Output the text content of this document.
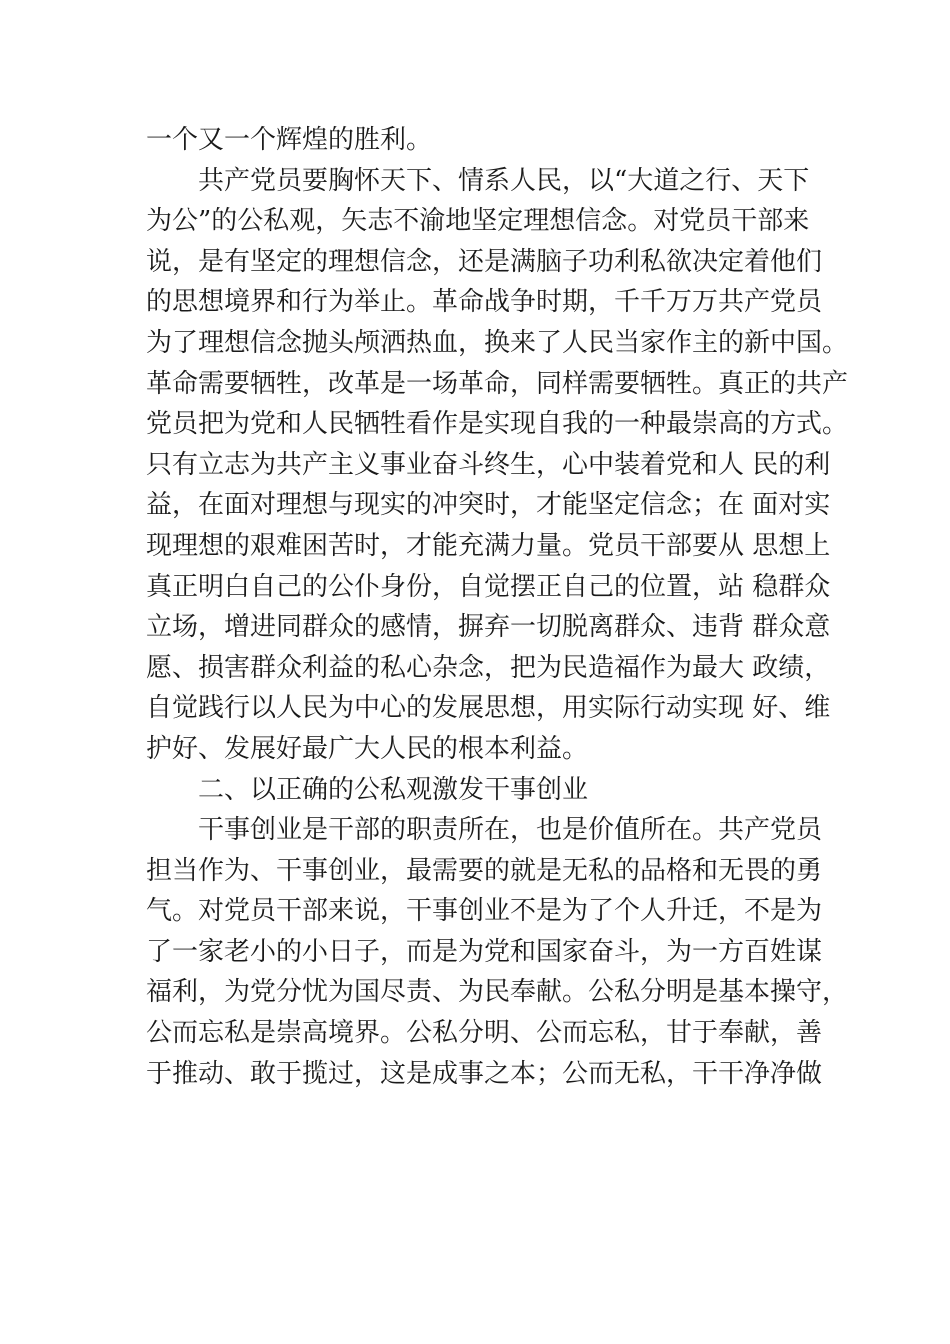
一个又一个辉煌的胜利。
共产党员要胸怀天下、情系人民，以“大道之行、天下
为公”的公私观，矢志不渝地坚定理想信念。对党员干部来
说，是有坚定的理想信念，还是满脑子功利私欲决定着他们
的思想境界和行为举止。革命战争时期，千千万万共产党员
为了理想信念抛头颅洒热血，换来了人民当家作主的新中国。
革命需要牺牲，改革是一场革命，同样需要牺牲。真正的共产
党员把为党和人民牺牲看作是实现自我的一种最崇高的方式。
只有立志为共产主义事业奋斗终生，心中装着党和人 民的利
益，在面对理想与现实的冲突时，才能坚定信念；在 面对实
现理想的艰难困苦时，才能充满力量。党员干部要从 思想上
真正明白自己的公仆身份，自觉摆正自己的位置，站 稳群众
立场，增进同群众的感情，摒弃一切脱离群众、违背 群众意
愿、损害群众利益的私心杂念，把为民造福作为最大 政绩，
自觉践行以人民为中心的发展思想，用实际行动实现 好、维
护好、发展好最广大人民的根本利益。
二、以正确的公私观激发干事创业
干事创业是干部的职责所在，也是价值所在。共产党员
担当作为、干事创业，最需要的就是无私的品格和无畏的勇
气。对党员干部来说，干事创业不是为了个人升迁，不是为
了一家老小的小日子，而是为党和国家奋斗，为一方百姓谋
福利，为党分忧为国尽责、为民奉献。公私分明是基本操守，
公而忘私是崇高境界。公私分明、公而忘私，甘于奉献，善
于推动、敢于揽过，这是成事之本；公而无私，干干净净做
